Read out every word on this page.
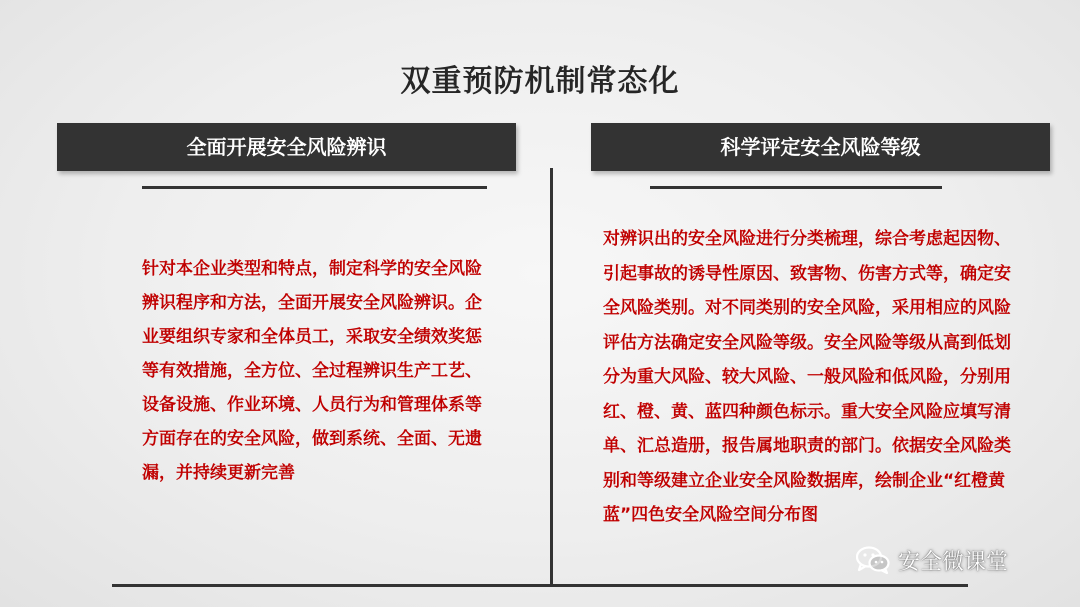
双重预防机制常态化
全面开展安全风险辨识	科学评定安全风险等级
针对本企业类型和特点，制定科学的安全风险辨识程序和方法，全面开展安全风险辨识。企业要组织专家和全体员工，采取安全绩效奖惩等有效措施，全方位、全过程辨识生产工艺、设备设施、作业环境、人员行为和管理体系等方面存在的安全风险，做到系统、全面、无遗漏，并持续更新完善
对辨识出的安全风险进行分类梳理，综合考虑起因物、引起事故的诱导性原因、致害物、伤害方式等，确定安全风险类别。对不同类别的安全风险，采用相应的风险评估方法确定安全风险等级。安全风险等级从高到低划分为重大风险、较大风险、一般风险和低风险，分别用红、橙、黄、蓝四种颜色标示。重大安全风险应填写清单、汇总造册，报告属地职责的部门。依据安全风险类别和等级建立企业安全风险数据库，绘制企业“红橙黄蓝”四色安全风险空间分布图
安全微课堂
